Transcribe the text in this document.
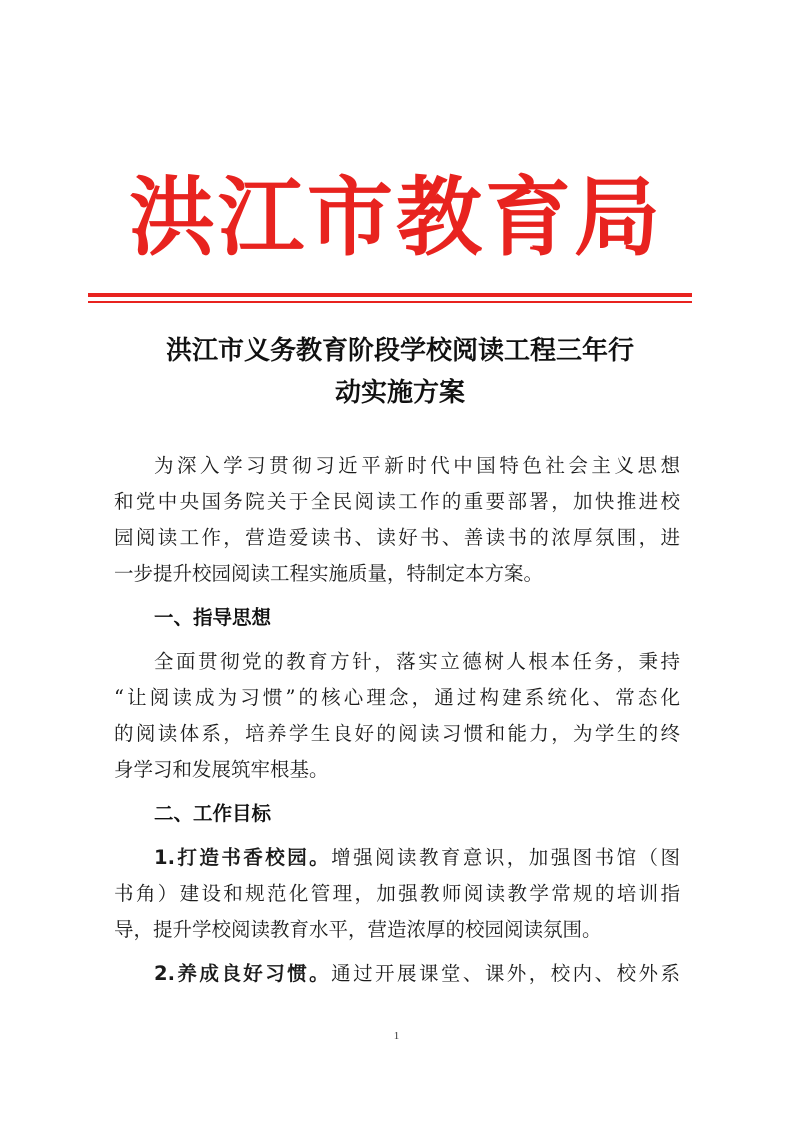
洪江市教育局
洪江市义务教育阶段学校阅读工程三年行
动实施方案
为深入学习贯彻习近平新时代中国特色社会主义思想
和党中央国务院关于全民阅读工作的重要部署，加快推进校
园阅读工作，营造爱读书、读好书、善读书的浓厚氛围，进
一步提升校园阅读工程实施质量，特制定本方案。
一、指导思想
全面贯彻党的教育方针，落实立德树人根本任务，秉持
“让阅读成为习惯”的核心理念，通过构建系统化、常态化
的阅读体系，培养学生良好的阅读习惯和能力，为学生的终
身学习和发展筑牢根基。
二、工作目标
1.打造书香校园。增强阅读教育意识，加强图书馆（图
书角）建设和规范化管理，加强教师阅读教学常规的培训指
导，提升学校阅读教育水平，营造浓厚的校园阅读氛围。
2.养成良好习惯。通过开展课堂、课外，校内、校外系
1
